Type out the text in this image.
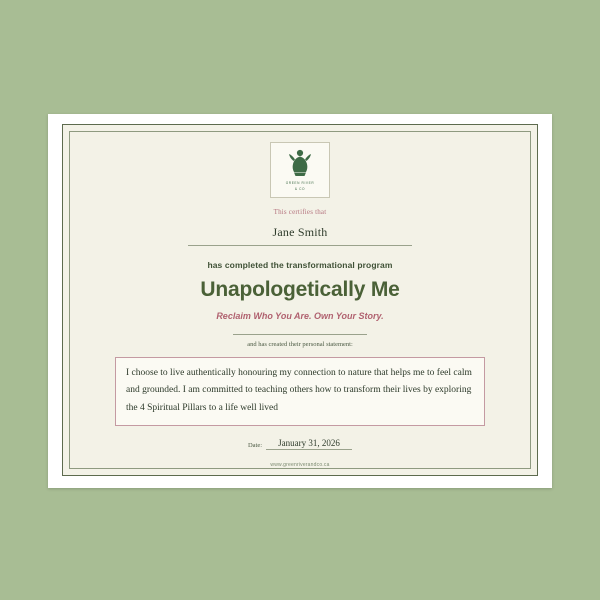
GREEN RIVER
& CO
This certifies that
Jane Smith
has completed the transformational program
Unapologetically Me
Reclaim Who You Are. Own Your Story.
and has created their personal statement:
I choose to live authentically honouring my connection to nature that helps me to feel calm and grounded. I am committed to teaching others how to transform their lives by exploring the 4 Spiritual Pillars to a life well lived
Date:	January 31, 2026
www.greenriverandco.ca
